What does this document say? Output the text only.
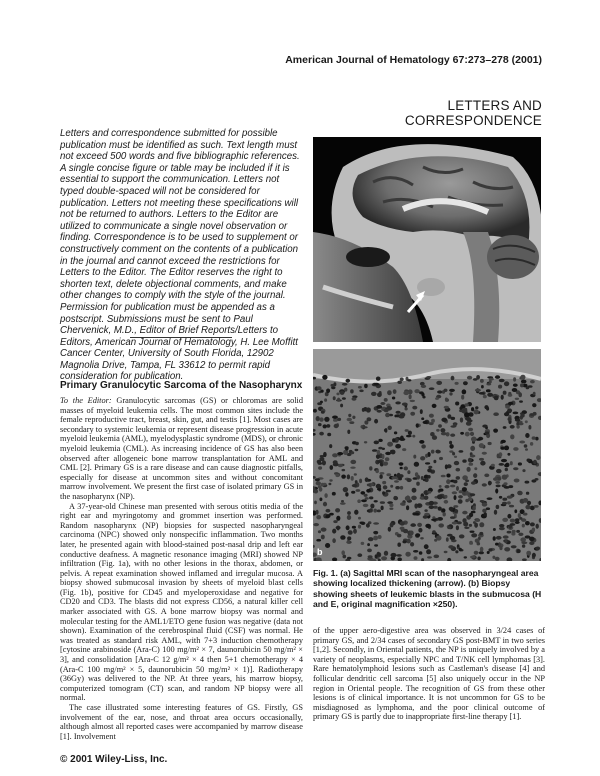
American Journal of Hematology 67:273–278 (2001)
LETTERS AND
CORRESPONDENCE
Letters and correspondence submitted for possible publication must be identified as such. Text length must not exceed 500 words and five bibliographic references. A single concise figure or table may be included if it is essential to support the communication. Letters not typed double-spaced will not be considered for publication. Letters not meeting these specifications will not be returned to authors. Letters to the Editor are utilized to communicate a single novel observation or finding. Correspondence is to be used to supplement or constructively comment on the contents of a publication in the journal and cannot exceed the restrictions for Letters to the Editor. The Editor reserves the right to shorten text, delete objectional comments, and make other changes to comply with the style of the journal. Permission for publication must be appended as a postscript. Submissions must be sent to Paul Chervenick, M.D., Editor of Brief Reports/Letters to Editors, American Journal of Hematology, H. Lee Moffitt Cancer Center, University of South Florida, 12902 Magnolia Drive, Tampa, FL 33612 to permit rapid consideration for publication.
Primary Granulocytic Sarcoma of the Nasopharynx

To the Editor: Granulocytic sarcomas (GS) or chloromas are solid masses of myeloid leukemia cells. The most common sites include the female reproductive tract, breast, skin, gut, and testis [1]. Most cases are secondary to systemic leukemia or represent disease progression in acute myeloid leukemia (AML), myelodysplastic syndrome (MDS), or chronic myeloid leukemia (CML). As increasing incidence of GS has also been observed after allogeneic bone marrow transplantation for AML and CML [2]. Primary GS is a rare disease and can cause diagnostic pitfalls, especially for disease at uncommon sites and without concomitant marrow involvement. We present the first case of isolated primary GS in the nasopharynx (NP).

A 37-year-old Chinese man presented with serous otitis media of the right ear and myringotomy and grommet insertion was performed. Random nasopharynx (NP) biopsies for suspected nasopharyngeal carcinoma (NPC) showed only nonspecific inflammation. Two months later, he presented again with blood-stained post-nasal drip and left ear conductive deafness. A magnetic resonance imaging (MRI) showed NP infiltration (Fig. 1a), with no other lesions in the thorax, abdomen, or pelvis. A repeat examination showed inflamed and irregular mucosa. A biopsy showed submucosal invasion by sheets of myeloid blast cells (Fig. 1b), positive for CD45 and myeloperoxidase and negative for CD20 and CD3. The blasts did not express CD56, a natural killer cell marker associated with GS. A bone marrow biopsy was normal and molecular testing for the AML1/ETO gene fusion was negative (data not shown). Examination of the cerebrospinal fluid (CSF) was normal. He was treated as standard risk AML, with 7+3 induction chemotherapy [cytosine arabinoside (Ara-C) 100 mg/m² × 7, daunorubicin 50 mg/m² × 3], and consolidation [Ara-C 12 g/m² × 4 then 5+1 chemotherapy × 4 (Ara-C 100 mg/m² × 5, daunorubicin 50 mg/m² × 1)]. Radiotherapy (36Gy) was delivered to the NP. At three years, his marrow biopsy, computerized tomogram (CT) scan, and random NP biopsy were all normal.

The case illustrated some interesting features of GS. Firstly, GS involvement of the ear, nose, and throat area occurs occasionally, although almost all reported cases were accompanied by marrow disease [1]. Involvement

b
Fig. 1. (a) Sagittal MRI scan of the nasopharyngeal area showing localized thickening (arrow). (b) Biopsy showing sheets of leukemic blasts in the submucosa (H and E, original magnification ×250).

of the upper aero-digestive area was observed in 3/24 cases of primary GS, and 2/34 cases of secondary GS post-BMT in two series [1,2]. Secondly, in Oriental patients, the NP is uniquely involved by a variety of neoplasms, especially NPC and T/NK cell lymphomas [3]. Rare hematolymphoid lesions such as Castleman's disease [4] and follicular dendritic cell sarcoma [5] also uniquely occur in the NP region in Oriental people. The recognition of GS from these other lesions is of clinical importance. It is not uncommon for GS to be misdiagnosed as lymphoma, and the poor clinical outcome of primary GS is partly due to inappropriate first-line therapy [1].

© 2001 Wiley-Liss, Inc.
